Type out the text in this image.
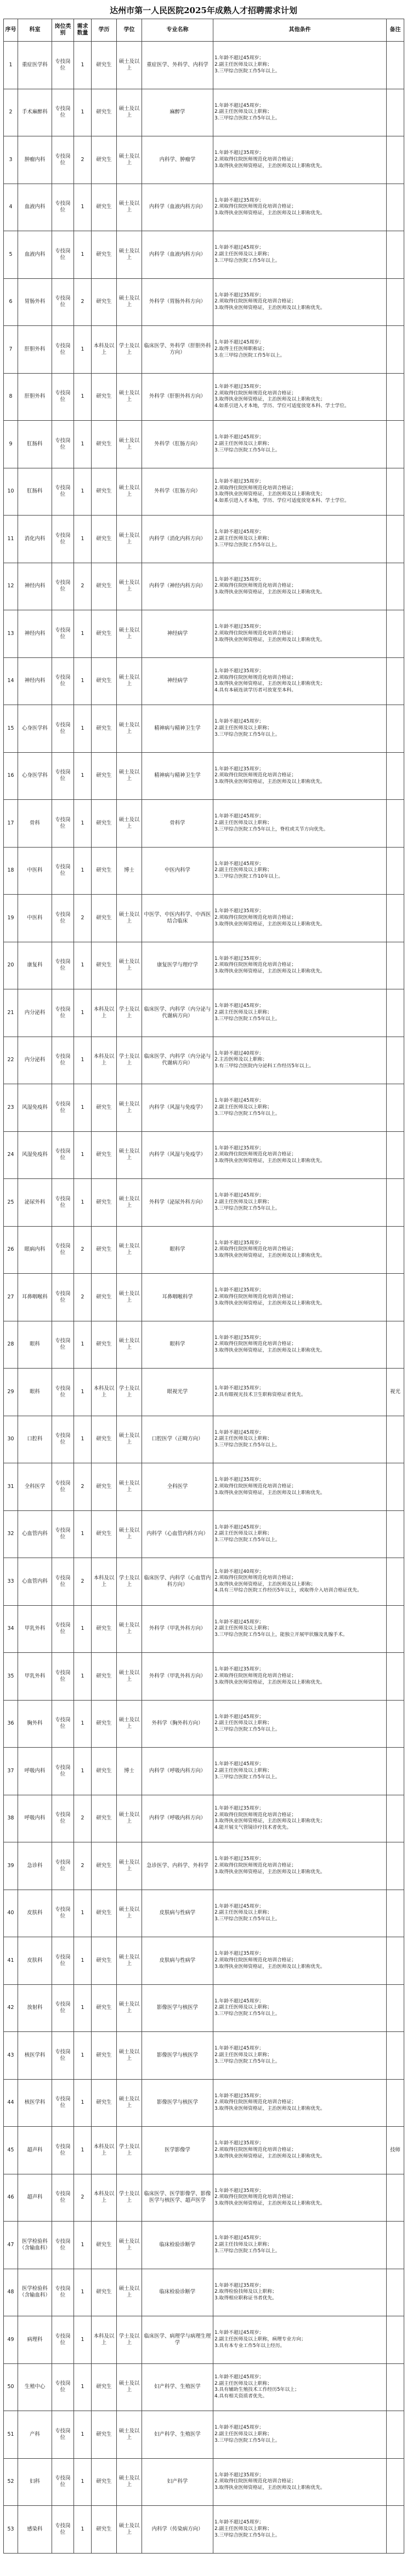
达州市第一人民医院2025年成熟人才招聘需求计划
序号	科室	岗位类别	需求数量	学历	学位	专业名称	其他条件	备注
1	重症医学科	专技岗位	1	研究生	硕士及以上	重症医学、外科学、内科学	1.年龄不超过45周岁；
2.副主任医师及以上职称；
3.三甲综合医院工作5年以上。	

2	手术麻醉科	专技岗位	1	研究生	硕士及以上	麻醉学	1.年龄不超过45周岁；
2.副主任医师及以上职称；
3.三甲综合医院工作5年以上。	

3	肿瘤内科	专技岗位	2	研究生	硕士及以上	内科学、肿瘤学	1.年龄不超过35周岁；
2.须取得住院医师规范化培训合格证；
3.取得执业医师资格证，主治医师及以上职称优先。	

4	血液内科	专技岗位	1	研究生	硕士及以上	内科学（血液内科方向）	1.年龄不超过35周岁；
2.须取得住院医师规范化培训合格证；
3.取得执业医师资格证，主治医师及以上职称优先。	

5	血液内科	专技岗位	1	研究生	硕士及以上	内科学（血液内科方向）	1.年龄不超过45周岁；
2.副主任医师及以上职称；
3.三甲综合医院工作5年以上。	

6	胃肠外科	专技岗位	2	研究生	硕士及以上	外科学（胃肠外科方向）	1.年龄不超过35周岁；
2.须取得住院医师规范化培训合格证；
3.取得执业医师资格证，主治医师及以上职称优先。	

7	肝胆外科	专技岗位	1	本科及以上	学士及以上	临床医学、外科学（肝胆外科方向）	1.年龄不超过45周岁；
2.取得主任医师职称证；
3.在三甲综合医院工作5年以上。	

8	肝胆外科	专技岗位	1	研究生	硕士及以上	外科学（肝胆外科方向）	1.年龄不超过35周岁；
2.须取得住院医师规范化培训合格证；
3.取得执业医师资格证，主治医师及以上职称优先；
4.如系引进入才本地，学历、学位可适度放宽本科、学士学位。	

9	肛肠科	专技岗位	1	研究生	硕士及以上	外科学（肛肠方向）	1.年龄不超过45周岁；
2.副主任医师及以上职称；
3.三甲综合医院工作5年以上。	

10	肛肠科	专技岗位	1	研究生	硕士及以上	外科学（肛肠方向）	1.年龄不超过35周岁；
2.须取得住院医师规范化培训合格证；
3.取得执业医师资格证，主治医师及以上职称优先；
4.如系引进入才本地，学历、学位可适度放宽本科、学士学位。	

11	消化内科	专技岗位	1	研究生	硕士及以上	内科学（消化内科方向）	1.年龄不超过45周岁；
2.副主任医师及以上职称；
3.三甲综合医院工作5年以上。	

12	神经内科	专技岗位	2	研究生	硕士及以上	内科学（神经内科方向）	1.年龄不超过35周岁；
2.须取得住院医师规范化培训合格证；
3.取得执业医师资格证，主治医师及以上职称优先。	

13	神经内科	专技岗位	1	研究生	硕士及以上	神经病学	1.年龄不超过35周岁；
2.须取得住院医师规范化培训合格证；
3.取得执业医师资格证，主治医师及以上职称优先。	

14	神经内科	专技岗位	1	研究生	硕士及以上	神经病学	1.年龄不超过35周岁；
2.须取得住院医师规范化培训合格证；
3.取得执业医师资格证，主治医师及以上职称优先；
4.具有本硕连读学历者可放宽至本科。	

15	心身医学科	专技岗位	1	研究生	硕士及以上	精神病与精神卫生学	1.年龄不超过45周岁；
2.副主任医师及以上职称；
3.三甲综合医院工作5年以上。	

16	心身医学科	专技岗位	1	研究生	硕士及以上	精神病与精神卫生学	1.年龄不超过35周岁；
2.须取得住院医师规范化培训合格证；
3.取得执业医师资格证，主治医师及以上职称优先。	

17	骨科	专技岗位	1	研究生	硕士及以上	骨科学	1.年龄不超过45周岁；
2.副主任医师及以上职称；
3.三甲综合医院工作5年以上，脊柱或关节方向优先。	

18	中医科	专技岗位	1	研究生	博士	中医内科学	1.年龄不超过45周岁；
2.副主任医师及以上职称；
3.三甲综合医院工作10年以上。	

19	中医科	专技岗位	2	研究生	硕士及以上	中医学、中医内科学、中西医结合临床	1.年龄不超过35周岁；
2.须取得住院医师规范化培训合格证；
3.取得执业医师资格证，主治医师及以上职称优先。	

20	康复科	专技岗位	1	研究生	硕士及以上	康复医学与理疗学	1.年龄不超过35周岁；
2.须取得住院医师规范化培训合格证；
3.取得执业医师资格证，主治医师及以上职称优先。	

21	内分泌科	专技岗位	1	本科及以上	学士及以上	临床医学、内科学（内分泌与代谢病方向）	1.年龄不超过45周岁；
2.副主任医师及以上职称；
3.三甲综合医院工作5年以上。	

22	内分泌科	专技岗位	1	本科及以上	学士及以上	临床医学、内科学（内分泌与代谢病方向）	1.年龄不超过40周岁；
2.主治医师及以上职称；
3.有三甲综合医院内分泌科工作经历5年以上。	

23	风湿免疫科	专技岗位	1	研究生	硕士及以上	内科学（风湿与免疫学）	1.年龄不超过45周岁；
2.副主任医师及以上职称；
3.三甲综合医院工作5年以上。	

24	风湿免疫科	专技岗位	1	研究生	硕士及以上	内科学（风湿与免疫学）	1.年龄不超过35周岁；
2.须取得住院医师规范化培训合格证；
3.取得执业医师资格证，主治医师及以上职称优先。	

25	泌尿外科	专技岗位	1	研究生	硕士及以上	外科学（泌尿外科方向）	1.年龄不超过45周岁；
2.副主任医师及以上职称；
3.三甲综合医院工作5年以上。	

26	眼病内科	专技岗位	2	研究生	硕士及以上	眼科学	1.年龄不超过35周岁；
2.须取得住院医师规范化培训合格证；
3.取得执业医师资格证，主治医师及以上职称优先。	

27	耳鼻咽喉科	专技岗位	2	研究生	硕士及以上	耳鼻咽喉科学	1.年龄不超过35周岁；
2.须取得住院医师规范化培训合格证；
3.取得执业医师资格证，主治医师及以上职称优先。	

28	眼科	专技岗位	1	研究生	硕士及以上	眼科学	1.年龄不超过35周岁；
2.须取得住院医师规范化培训合格证；
3.取得执业医师资格证，主治医师及以上职称优先。	

29	眼科	专技岗位	1	本科及以上	学士及以上	眼视光学	1.年龄不超过35周岁；
2.具有眼视光技术卫生职称资格证者优先。	视光
30	口腔科	专技岗位	1	研究生	硕士及以上	口腔医学（正畸方向）	1.年龄不超过45周岁；
2.副主任医师及以上职称；
3.三甲综合医院工作5年以上。	

31	全科医学	专技岗位	2	研究生	硕士及以上	全科医学	1.年龄不超过35周岁；
2.须取得住院医师规范化培训合格证；
3.取得执业医师资格证，主治医师及以上职称优先。	

32	心血管内科	专技岗位	1	研究生	硕士及以上	内科学（心血管内科方向）	1.年龄不超过45周岁；
2.副主任医师及以上职称；
3.三甲综合医院工作5年以上。	

33	心血管内科	专技岗位	2	本科及以上	学士及以上	临床医学、内科学（心血管内科方向）	1.年龄不超过40周岁；
2.须取得住院医师规范化培训合格证；
3.取得执业医师资格证，主治医师及以上职称；
4.具有三甲综合医院工作经历5年以上，或取得介入培训合格证优先。	

34	甲乳外科	专技岗位	1	研究生	硕士及以上	外科学（甲乳外科方向）	1.年龄不超过45周岁；
2.副主任医师及以上职称；
3.三甲综合医院工作5年以上，能独立开展甲状腺及乳腺手术。	

35	甲乳外科	专技岗位	1	研究生	硕士及以上	外科学（甲乳外科方向）	1.年龄不超过35周岁；
2.须取得住院医师规范化培训合格证；
3.取得执业医师资格证，主治医师及以上职称优先。	

36	胸外科	专技岗位	1	研究生	硕士及以上	外科学（胸外科方向）	1.年龄不超过45周岁；
2.副主任医师及以上职称；
3.三甲综合医院工作5年以上。	

37	呼吸内科	专技岗位	1	研究生	博士	内科学（呼吸内科方向）	1.年龄不超过45周岁；
2.副主任医师及以上职称；
3.三甲综合医院工作5年以上。	

38	呼吸内科	专技岗位	2	研究生	硕士及以上	内科学（呼吸内科方向）	1.年龄不超过35周岁；
2.须取得住院医师规范化培训合格证；
3.取得执业医师资格证，主治医师及以上职称优先；
4.能开展支气管镜诊疗技术者优先。	

39	急诊科	专技岗位	2	研究生	硕士及以上	急诊医学、内科学、外科学	1.年龄不超过35周岁；
2.须取得住院医师规范化培训合格证；
3.取得执业医师资格证，主治医师及以上职称优先。	

40	皮肤科	专技岗位	1	研究生	硕士及以上	皮肤病与性病学	1.年龄不超过45周岁；
2.副主任医师及以上职称；
3.三甲综合医院工作5年以上。	

41	皮肤科	专技岗位	1	研究生	硕士及以上	皮肤病与性病学	1.年龄不超过35周岁；
2.须取得住院医师规范化培训合格证；
3.取得执业医师资格证，主治医师及以上职称优先。	

42	放射科	专技岗位	1	研究生	硕士及以上	影像医学与核医学	1.年龄不超过45周岁；
2.副主任医师及以上职称；
3.三甲综合医院工作5年以上。	

43	核医学科	专技岗位	1	研究生	硕士及以上	影像医学与核医学	1.年龄不超过45周岁；
2.副主任医师及以上职称；
3.三甲综合医院工作5年以上。	

44	核医学科	专技岗位	1	研究生	硕士及以上	影像医学与核医学	1.年龄不超过35周岁；
2.须取得住院医师规范化培训合格证；
3.取得执业医师资格证，主治医师及以上职称优先。	

45	超声科	专技岗位	1	本科及以上	学士及以上	医学影像学	1.年龄不超过35周岁；
2.须取得住院医师规范化培训合格证；
3.取得执业医师资格证，主治医师及以上职称优先。	技师
46	超声科	专技岗位	2	本科及以上	学士及以上	临床医学、医学影像学、影像医学与核医学、超声医学	1.年龄不超过35周岁；
2.须取得住院医师规范化培训合格证；
3.取得执业医师资格证，主治医师及以上职称优先。	

47	医学检验科（含输血科）	专技岗位	1	研究生	硕士及以上	临床检验诊断学	1.年龄不超过45周岁；
2.副主任技师及以上职称；
3.三甲综合医院工作5年以上。	

48	医学检验科（含输血科）	专技岗位	1	研究生	硕士及以上	临床检验诊断学	1.年龄不超过35周岁；
2.取得检验技师及以上职称；
3.取得相应职称证书者优先。	

49	病理科	专技岗位	1	本科及以上	学士及以上	临床医学、病理学与病理生理学	1.年龄不超过45周岁；
2.副主任医师及以上职称，病理专业方向；
3.具有本专业工作5年以上经历。	

50	生殖中心	专技岗位	1	研究生	硕士及以上	妇产科学、生殖医学	1.年龄不超过45周岁；
2.副主任医师及以上职称；
3.具有辅助生殖技术工作经历5年以上；
4.具有相关资质者优先。	

51	产科	专技岗位	1	研究生	硕士及以上	妇产科学、生殖医学	1.年龄不超过45周岁；
2.副主任医师及以上职称；
3.三甲综合医院工作5年以上。	

52	妇科	专技岗位	1	研究生	硕士及以上	妇产科学	1.年龄不超过35周岁；
2.须取得住院医师规范化培训合格证；
3.取得执业医师资格证，主治医师及以上职称优先。	

53	感染科	专技岗位	1	研究生	硕士及以上	内科学（传染病方向）	1.年龄不超过45周岁；
2.副主任医师及以上职称；
3.三甲综合医院工作5年以上。	
